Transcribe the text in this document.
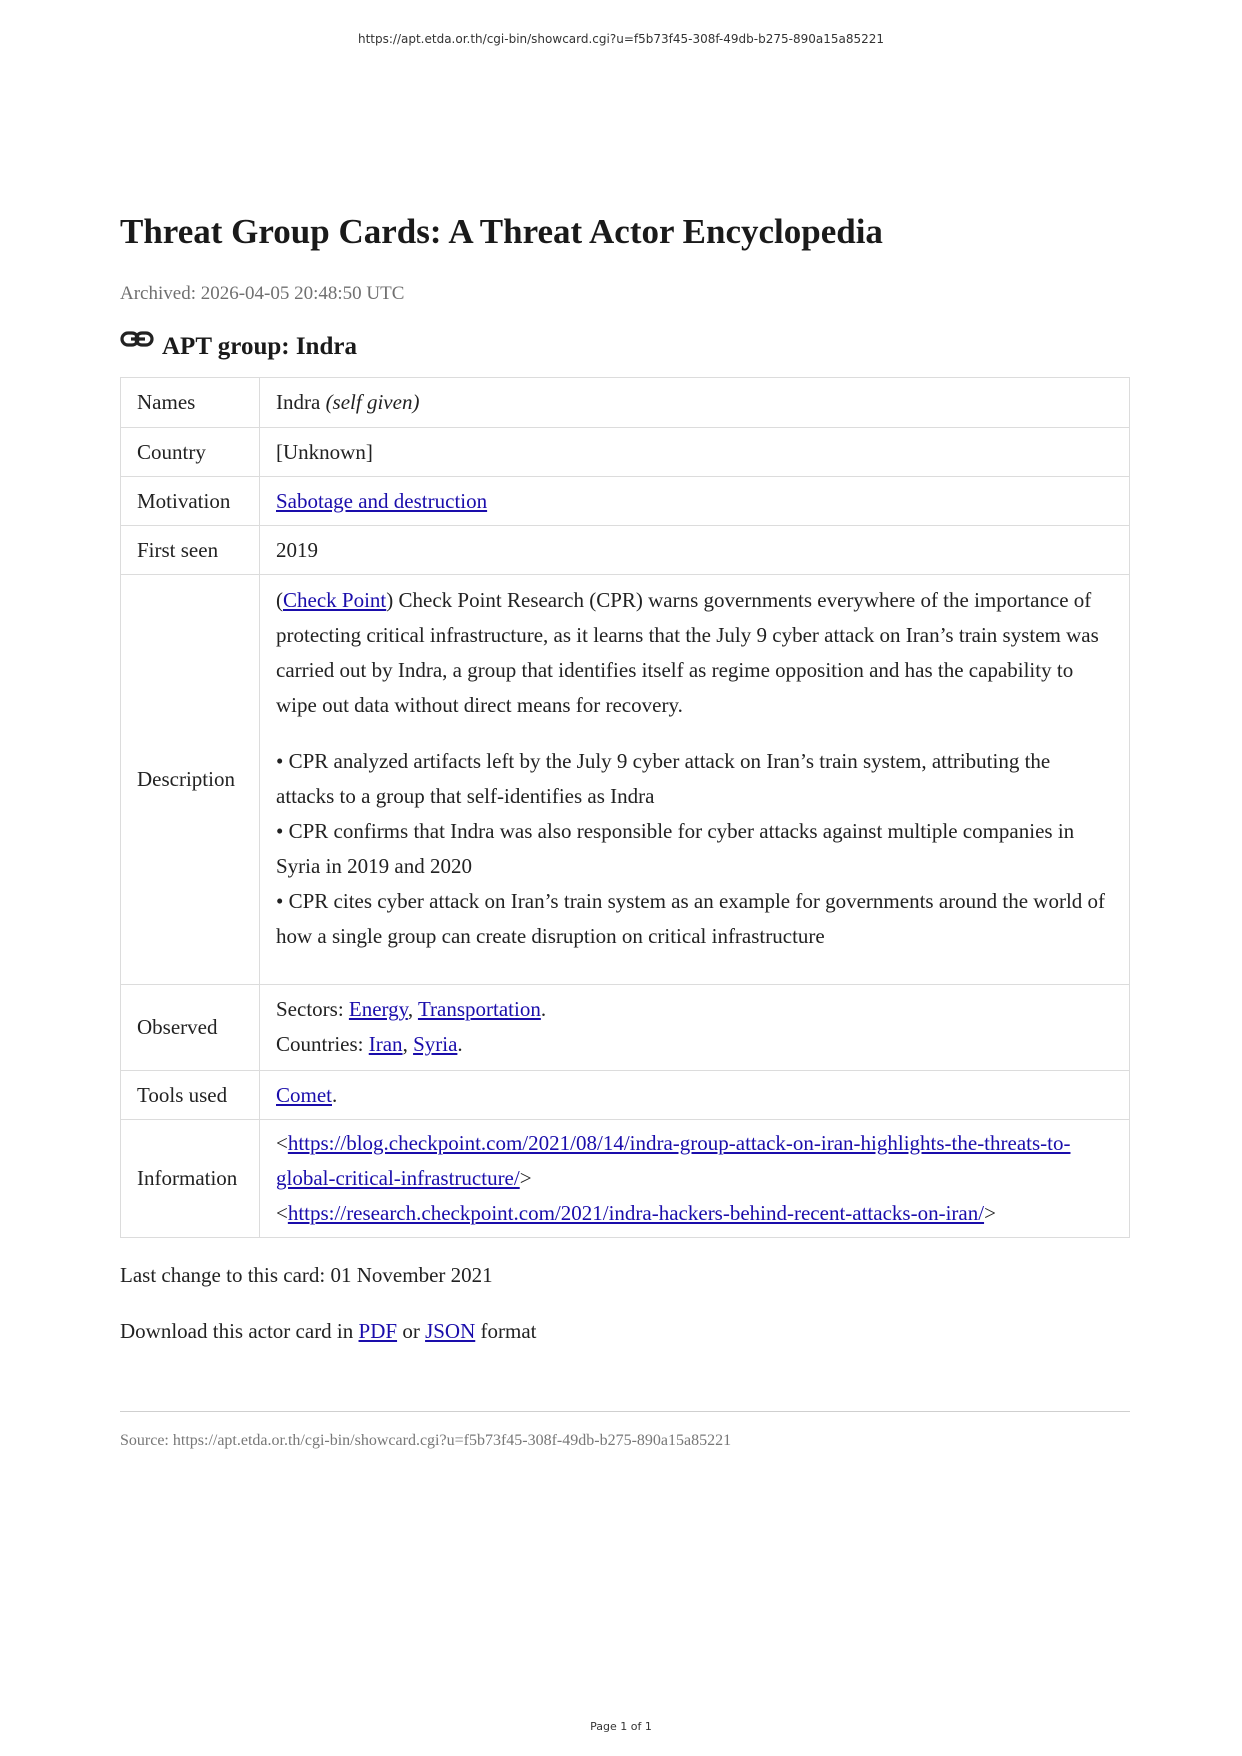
https://apt.etda.or.th/cgi-bin/showcard.cgi?u=f5b73f45-308f-49db-b275-890a15a85221
Threat Group Cards: A Threat Actor Encyclopedia
Archived: 2026-04-05 20:48:50 UTC
APT group: Indra
Names	Indra (self given)
Country	[Unknown]
Motivation	Sabotage and destruction
First seen	2019
Description	(Check Point) Check Point Research (CPR) warns governments everywhere of the importance of protecting critical infrastructure, as it learns that the July 9 cyber attack on Iran’s train system was carried out by Indra, a group that identifies itself as regime opposition and has the capability to wipe out data without direct means for recovery.

• CPR analyzed artifacts left by the July 9 cyber attack on Iran’s train system, attributing the attacks to a group that self-identifies as Indra
• CPR confirms that Indra was also responsible for cyber attacks against multiple companies in Syria in 2019 and 2020
• CPR cites cyber attack on Iran’s train system as an example for governments around the world of how a single group can create disruption on critical infrastructure

Observed	Sectors: Energy, Transportation.
Countries: Iran, Syria.

Tools used	Comet.
Information	<https://blog.checkpoint.com/2021/08/14/indra-group-attack-on-iran-highlights-the-threats-to-global-critical-infrastructure/>
<https://research.checkpoint.com/2021/indra-hackers-behind-recent-attacks-on-iran/>
Last change to this card: 01 November 2021
Download this actor card in PDF or JSON format
Source: https://apt.etda.or.th/cgi-bin/showcard.cgi?u=f5b73f45-308f-49db-b275-890a15a85221
Page 1 of 1
